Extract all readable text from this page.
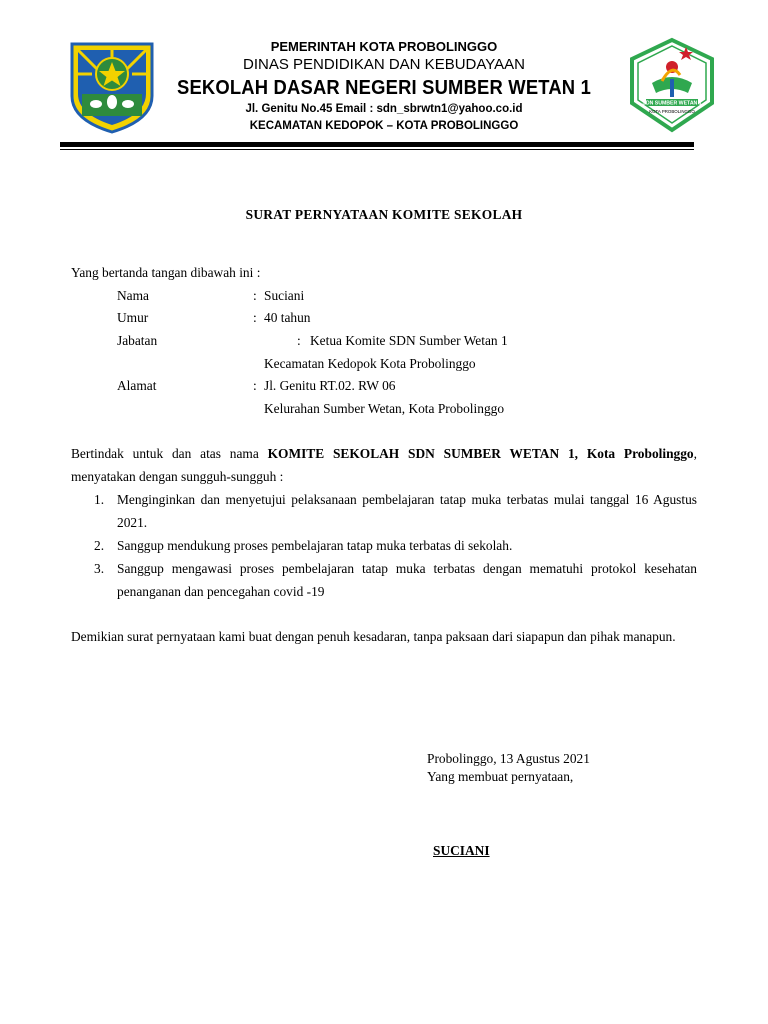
PEMERINTAH KOTA PROBOLINGGO
DINAS PENDIDIKAN DAN KEBUDAYAAN
SEKOLAH DASAR NEGERI SUMBER WETAN 1
Jl. Genitu No.45 Email : sdn_sbrwtn1@yahoo.co.id
KECAMATAN KEDOPOK – KOTA PROBOLINGGO
SDN SUMBER WETAN 1
KOTA PROBOLINGGO
SURAT PERNYATAAN KOMITE SEKOLAH
Yang bertanda tangan dibawah ini :
Nama	: Suciani
Umur	: 40 tahun
Jabatan	: Ketua Komite SDN Sumber Wetan 1
Kecamatan Kedopok Kota Probolinggo
Alamat	: Jl. Genitu RT.02. RW 06
Kelurahan Sumber Wetan, Kota Probolinggo
Bertindak untuk dan atas nama KOMITE SEKOLAH SDN SUMBER WETAN 1, Kota Probolinggo, menyatakan dengan sungguh-sungguh :
1. Menginginkan dan menyetujui pelaksanaan pembelajaran tatap muka terbatas mulai tanggal 16 Agustus 2021.
2. Sanggup mendukung proses pembelajaran tatap muka terbatas di sekolah.
3. Sanggup mengawasi proses pembelajaran tatap muka terbatas dengan mematuhi protokol kesehatan penanganan dan pencegahan covid -19
Demikian surat pernyataan kami buat dengan penuh kesadaran, tanpa paksaan dari siapapun dan pihak manapun.
Probolinggo, 13 Agustus 2021
Yang membuat pernyataan,
SUCIANI
